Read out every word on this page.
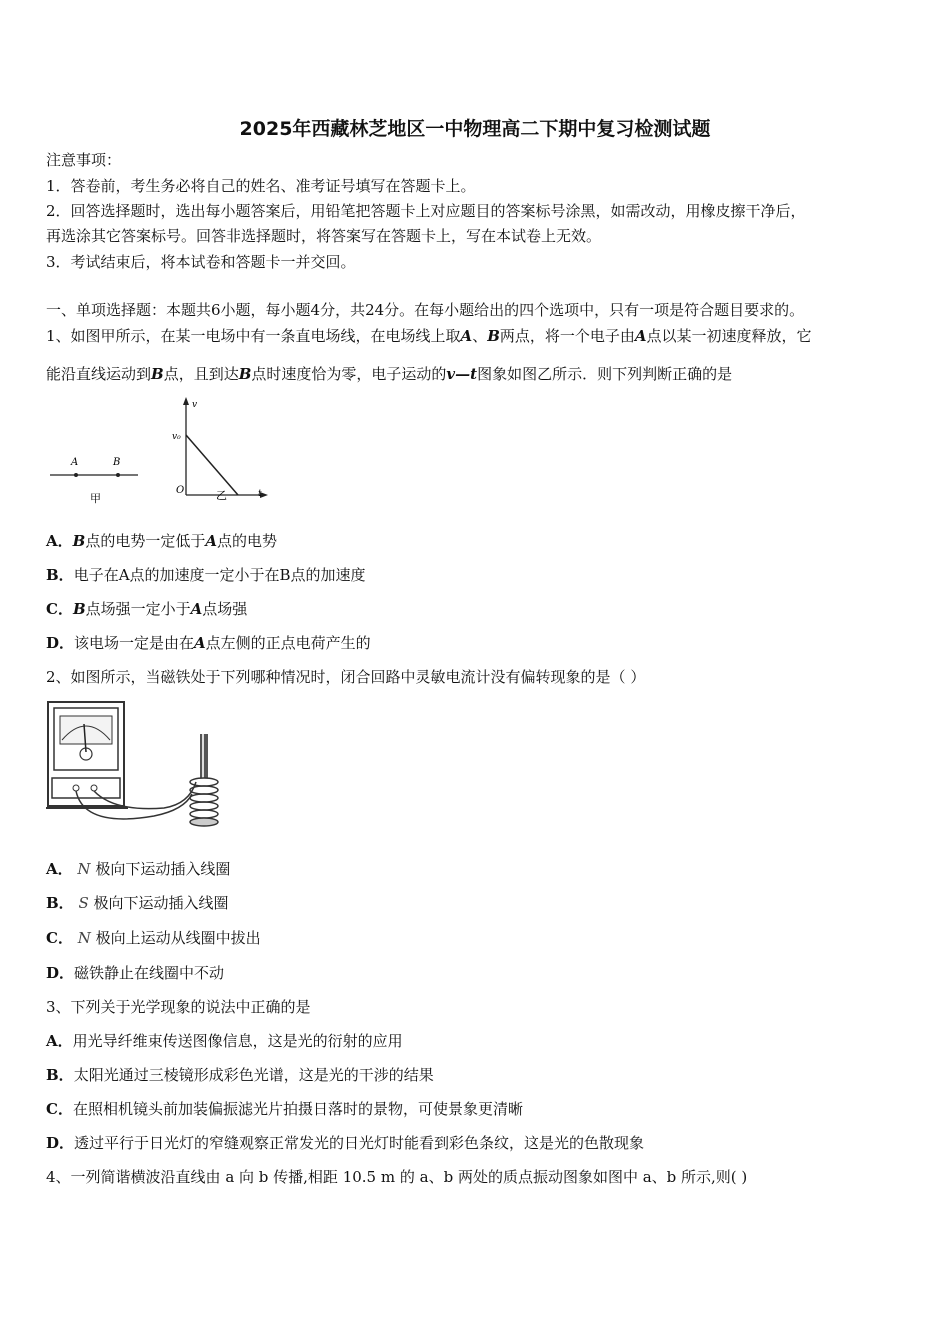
2025年西藏林芝地区一中物理高二下期中复习检测试题
注意事项：
1．答卷前，考生务必将自己的姓名、准考证号填写在答题卡上。
2．回答选择题时，选出每小题答案后，用铅笔把答题卡上对应题目的答案标号涂黑，如需改动，用橡皮擦干净后，
再选涂其它答案标号。回答非选择题时，将答案写在答题卡上，写在本试卷上无效。
3．考试结束后，将本试卷和答题卡一并交回。
一、单项选择题：本题共6小题，每小题4分，共24分。在每小题给出的四个选项中，只有一项是符合题目要求的。
1、如图甲所示，在某一电场中有一条直电场线，在电场线上取A、B两点，将一个电子由A点以某一初速度释放，它
能沿直线运动到B点，且到达B点时速度恰为零，电子运动的v—t图象如图乙所示．则下列判断正确的是
A	B
甲
v
v₀
O	乙	t
A．B点的电势一定低于A点的电势
B．电子在A点的加速度一定小于在B点的加速度
C．B点场强一定小于A点场强
D．该电场一定是由在A点左侧的正点电荷产生的
2、如图所示，当磁铁处于下列哪种情况时，闭合回路中灵敏电流计没有偏转现象的是（ ）
A． N 极向下运动插入线圈
B． S 极向下运动插入线圈
C． N 极向上运动从线圈中拔出
D．磁铁静止在线圈中不动
3、下列关于光学现象的说法中正确的是
A．用光导纤维束传送图像信息，这是光的衍射的应用
B．太阳光通过三棱镜形成彩色光谱，这是光的干涉的结果
C．在照相机镜头前加装偏振滤光片拍摄日落时的景物，可使景象更清晰
D．透过平行于日光灯的窄缝观察正常发光的日光灯时能看到彩色条纹，这是光的色散现象
4、一列简谐横波沿直线由 a 向 b 传播,相距 10.5 m 的 a、b 两处的质点振动图象如图中 a、b 所示,则( )
